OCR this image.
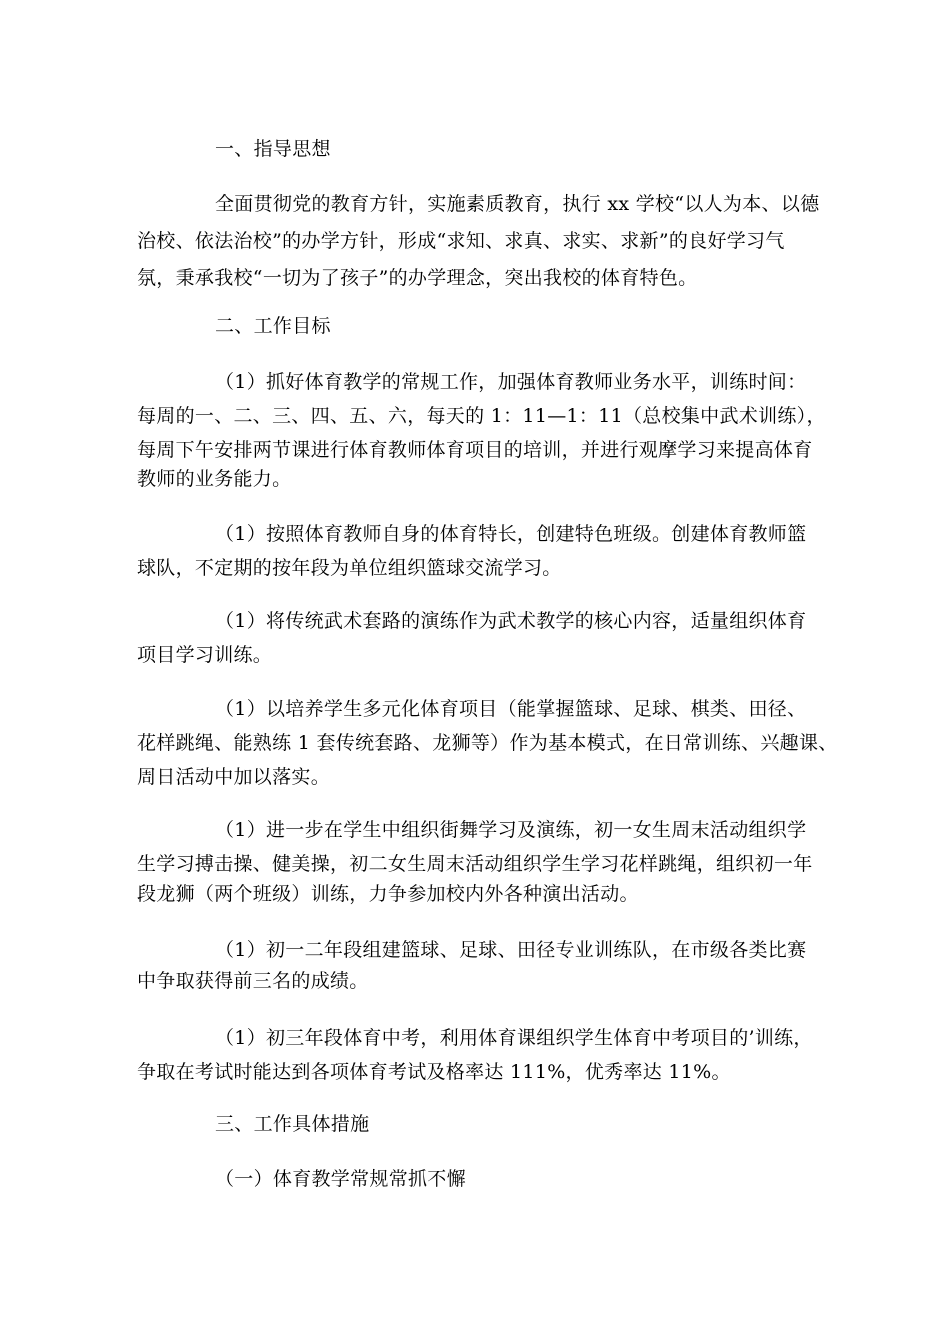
一、指导思想
全面贯彻党的教育方针，实施素质教育，执行 xx 学校“以人为本、以德
治校、依法治校”的办学方针，形成“求知、求真、求实、求新”的良好学习气
氛，秉承我校“一切为了孩子”的办学理念，突出我校的体育特色。
二、工作目标
（1）抓好体育教学的常规工作，加强体育教师业务水平，训练时间：
每周的一、二、三、四、五、六，每天的 1：11—1：11（总校集中武术训练），
每周下午安排两节课进行体育教师体育项目的培训，并进行观摩学习来提高体育
教师的业务能力。
（1）按照体育教师自身的体育特长，创建特色班级。创建体育教师篮
球队，不定期的按年段为单位组织篮球交流学习。
（1）将传统武术套路的演练作为武术教学的核心内容，适量组织体育
项目学习训练。
（1）以培养学生多元化体育项目（能掌握篮球、足球、棋类、田径、
花样跳绳、能熟练 1 套传统套路、龙狮等）作为基本模式，在日常训练、兴趣课、
周日活动中加以落实。
（1）进一步在学生中组织街舞学习及演练，初一女生周末活动组织学
生学习搏击操、健美操，初二女生周末活动组织学生学习花样跳绳，组织初一年
段龙狮（两个班级）训练，力争参加校内外各种演出活动。
（1）初一二年段组建篮球、足球、田径专业训练队，在市级各类比赛
中争取获得前三名的成绩。
（1）初三年段体育中考，利用体育课组织学生体育中考项目的’训练，
争取在考试时能达到各项体育考试及格率达 111%，优秀率达 11%。
三、工作具体措施
（一）体育教学常规常抓不懈
